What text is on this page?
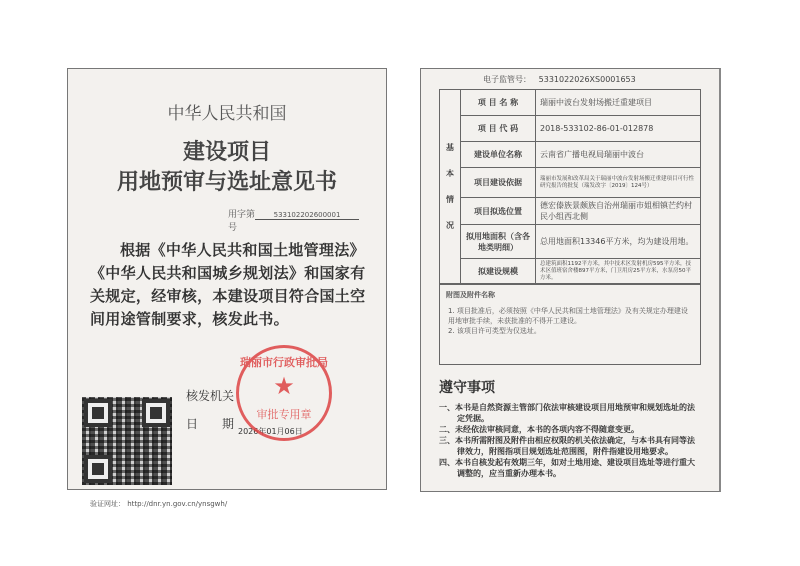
中华人民共和国
建设项目
用地预审与选址意见书
用字第	533102202600001号
根据《中华人民共和国土地管理法》《中华人民共和国城乡规划法》和国家有关规定，经审核，本建设项目符合国土空间用途管制要求，核发此书。
核发机关
日　　期
2026年01月06日
瑞丽市行政审批局
★
审批专用章
验证网址： http://dnr.yn.gov.cn/ynsgwh/
电子监管号： 5331022026XS0001653
基
本
情
况	项 目 名 称	瑞丽中波台发射场搬迁重建项目
	项 目 代 码	2018-533102-86-01-012878
	建设单位名称	云南省广播电视局瑞丽中波台
	项目建设依据	瑞丽市发展和改革局关于瑞丽中波台发射场搬迁重建项目可行性研究报告的批复（瑞发改字〔2019〕124号）
	项目拟选位置	德宏傣族景颇族自治州瑞丽市姐相镇芒约村民小组西北侧
	拟用地面积（含各地类明细）	总用地面积13346平方米，均为建设用地。
	拟建设规模	总建筑面积1192平方米，其中技术区发射机房595平方米，技术区值班宿舍楼897平方米，门卫用房25平方米，水泵房50平方米。
附图及附件名称
1. 项目批准后，必须按照《中华人民共和国土地管理法》及有关规定办理建设用地审批手续，未获批准的不得开工建设。
2. 该项目许可类型为仅选址。
遵守事项
一、本书是自然资源主管部门依法审核建设项目用地预审和规划选址的法定凭据。
二、未经依法审核同意，本书的各项内容不得随意变更。
三、本书所需附图及附件由相应权限的机关依法确定，与本书具有同等法律效力，附图指项目规划选址范围图，附件指建设用地要求。
四、本书自核发起有效期三年，如对土地用途、建设项目选址等进行重大调整的，应当重新办理本书。
